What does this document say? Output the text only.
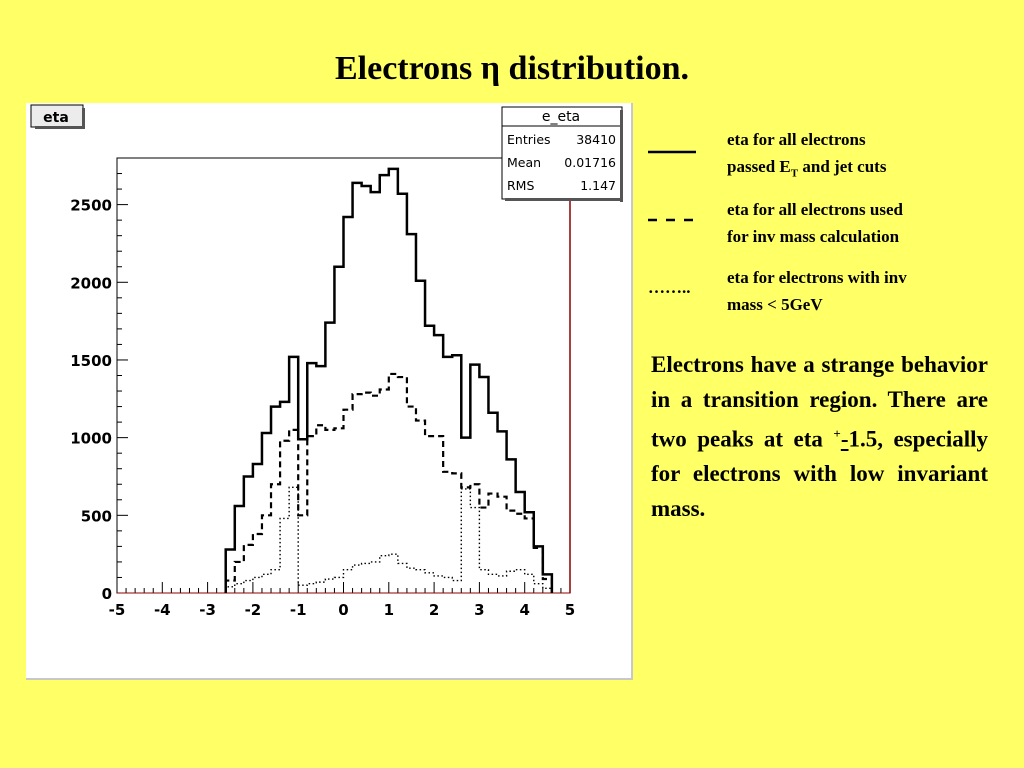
Electrons η distribution.
eta
-5 -4 -3 -2 -1 0 1 2 3 4 5
0
500
1000
1500
2000
2500
e_eta
Entries 38410
Mean 0.01716
RMS	1.147
eta for all electrons
passed $E_T$ and jet cuts
eta for all electrons used
for inv mass calculation
……..
eta for electrons with inv
mass < 5GeV
Electrons have a strange behavior in a transition region. There are two peaks at eta +-1.5, especially for electrons with low invariant mass.
